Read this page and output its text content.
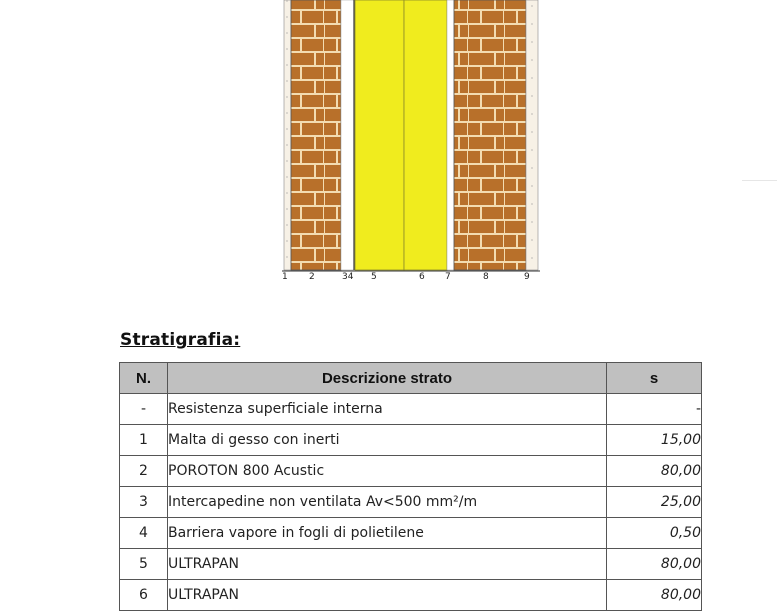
1 2	34 5	6 7	8	9
Stratigrafia:
N.	Descrizione strato	s
-	Resistenza superficiale interna	-
1	Malta di gesso con inerti	15,00
2	POROTON 800 Acustic	80,00
3	Intercapedine non ventilata Av<500 mm²/m	25,00
4	Barriera vapore in fogli di polietilene	0,50
5	ULTRAPAN	80,00
6	ULTRAPAN	80,00
